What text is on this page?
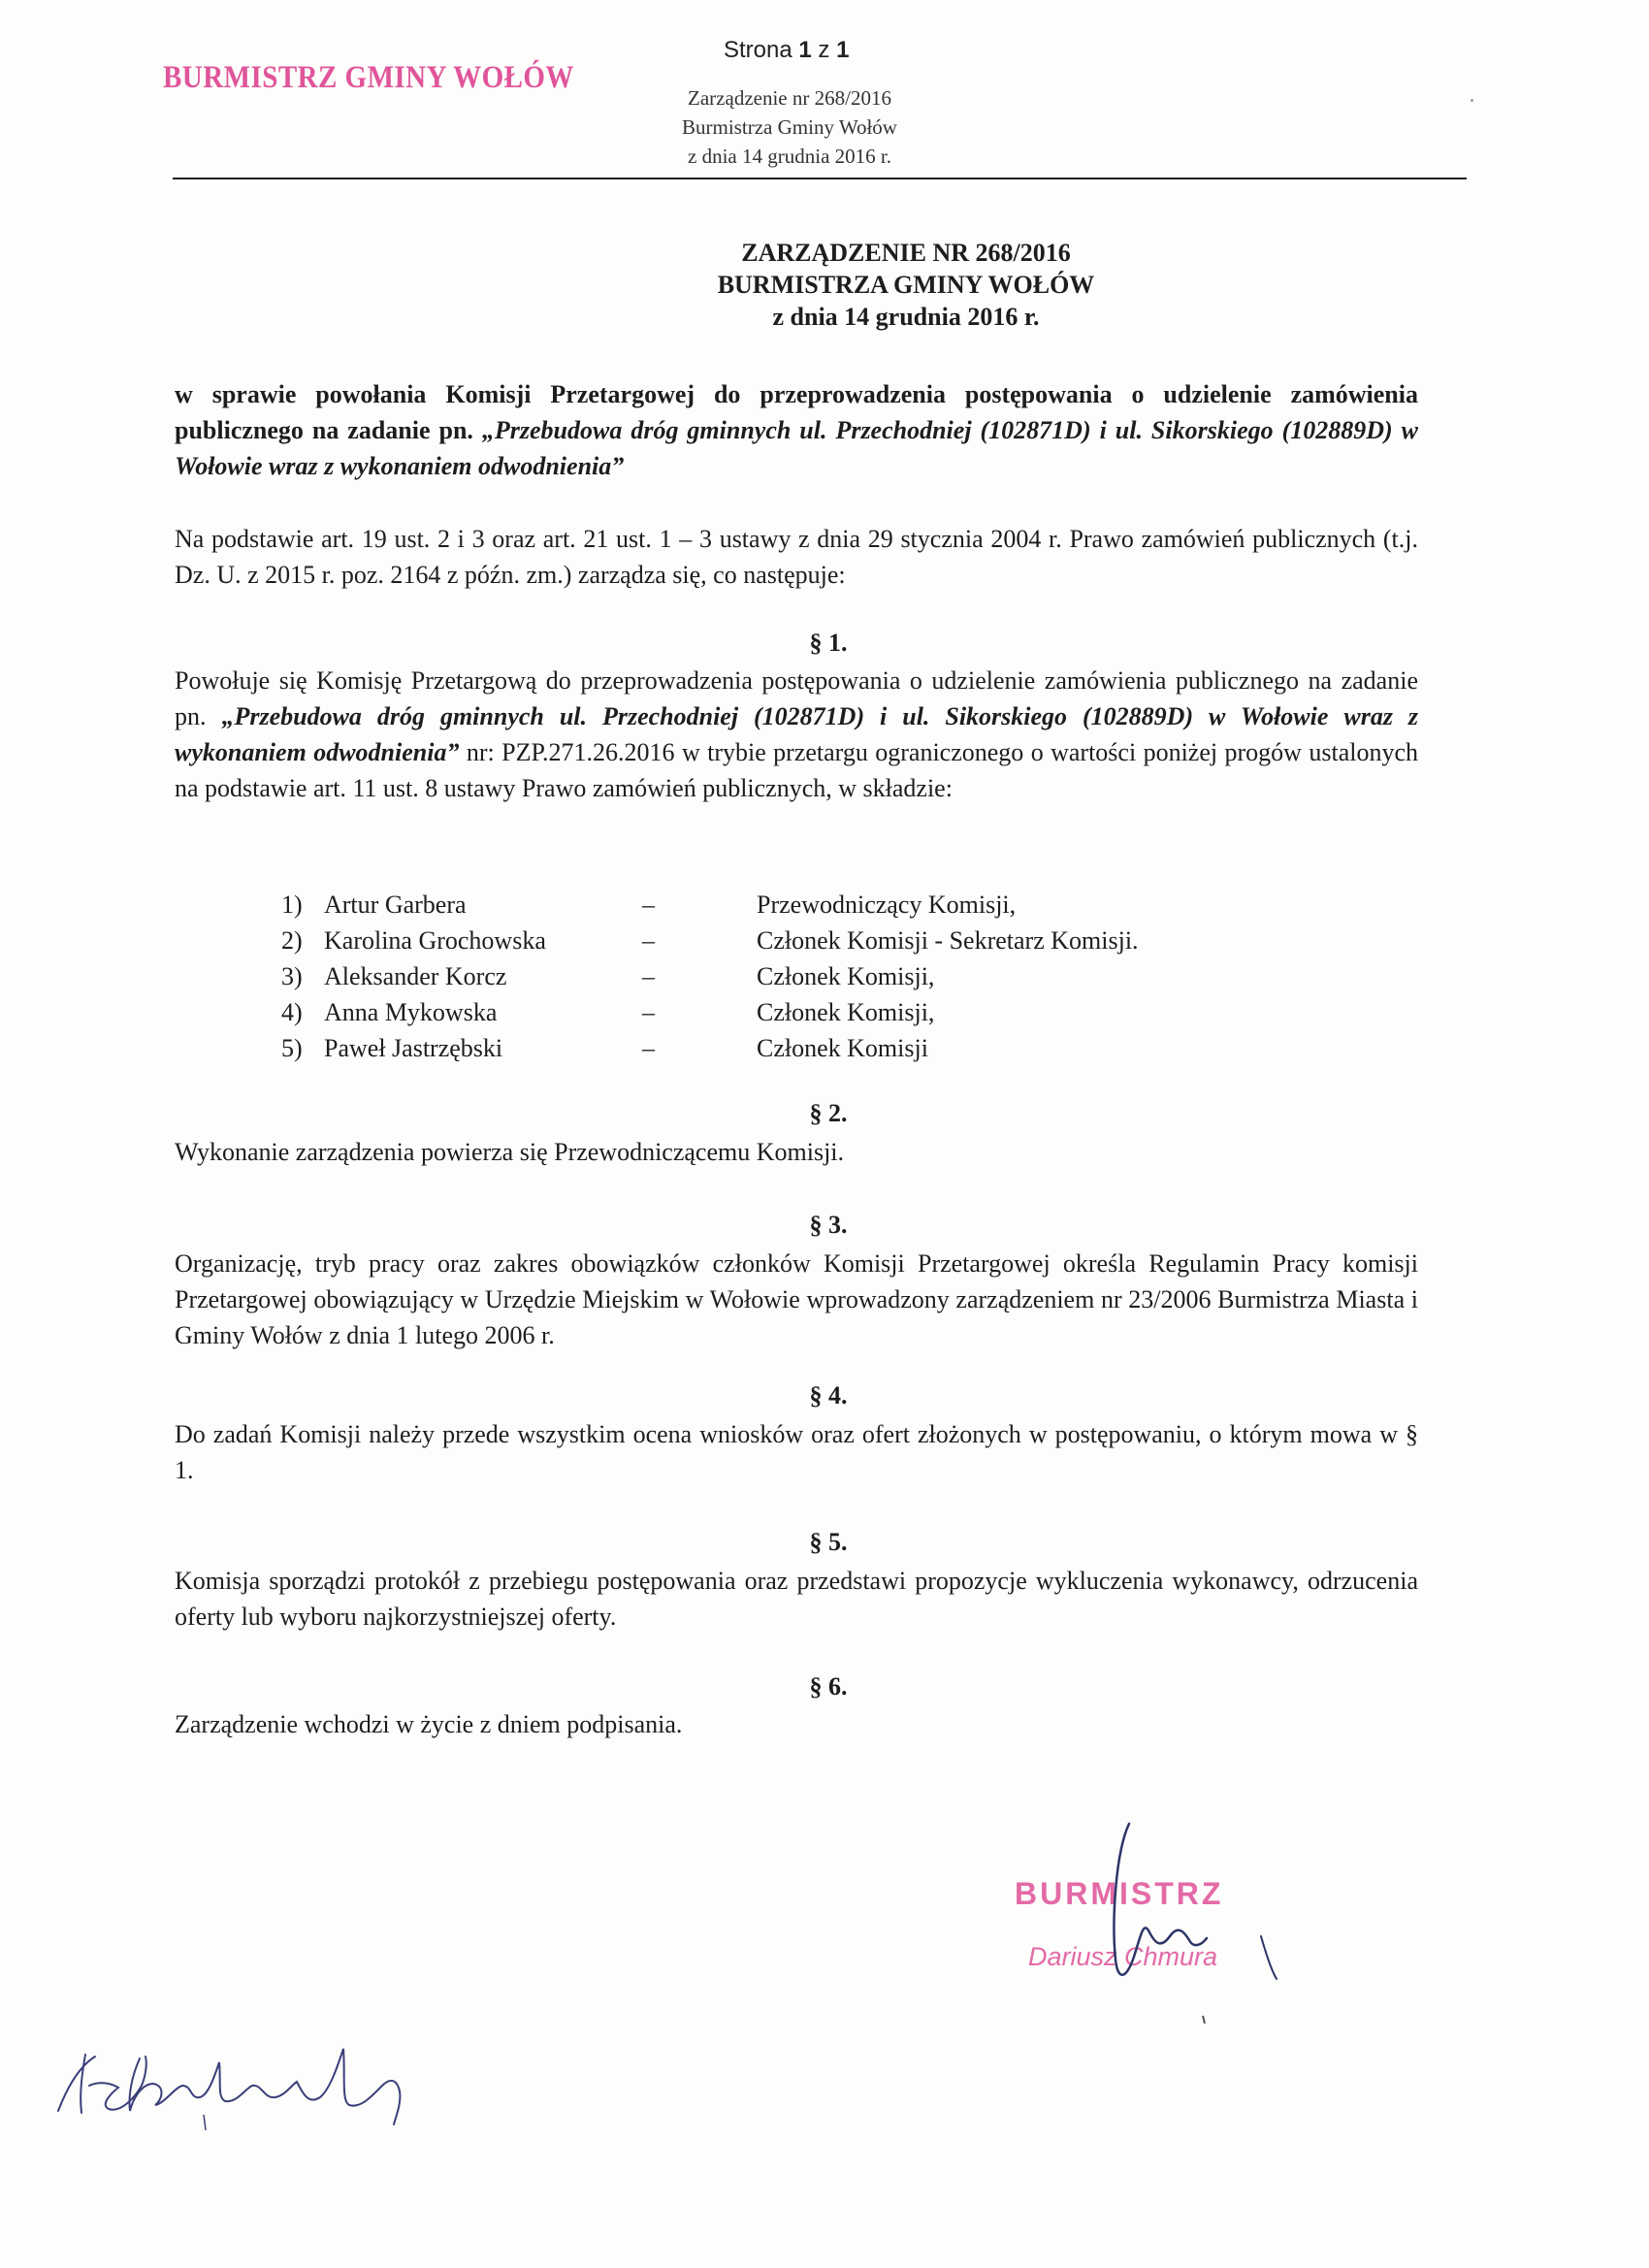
BURMISTRZ GMINY WOŁÓW
Strona 1 z 1
Zarządzenie nr 268/2016
Burmistrza Gminy Wołów
z dnia 14 grudnia 2016 r.
ZARZĄDZENIE NR 268/2016
BURMISTRZA GMINY WOŁÓW
z dnia 14 grudnia 2016 r.
w sprawie powołania Komisji Przetargowej do przeprowadzenia postępowania o udzielenie zamówienia publicznego na zadanie pn. „Przebudowa dróg gminnych ul. Przechodniej (102871D) i ul. Sikorskiego (102889D) w Wołowie wraz z wykonaniem odwodnienia”
Na podstawie art. 19 ust. 2 i 3 oraz art. 21 ust. 1 – 3 ustawy z dnia 29 stycznia 2004 r. Prawo zamówień publicznych (t.j. Dz. U. z 2015 r. poz. 2164 z późn. zm.) zarządza się, co następuje:
§ 1.
Powołuje się Komisję Przetargową do przeprowadzenia postępowania o udzielenie zamówienia publicznego na zadanie pn. „Przebudowa dróg gminnych ul. Przechodniej (102871D) i ul. Sikorskiego (102889D) w Wołowie wraz z wykonaniem odwodnienia” nr: PZP.271.26.2016 w trybie przetargu ograniczonego o wartości poniżej progów ustalonych na podstawie art. 11 ust. 8 ustawy Prawo zamówień publicznych, w składzie:
1) Artur Garbera	–	Przewodniczący Komisji,
2) Karolina Grochowska	–	Członek Komisji - Sekretarz Komisji.
3) Aleksander Korcz	–	Członek Komisji,
4) Anna Mykowska	–	Członek Komisji,
5) Paweł Jastrzębski	–	Członek Komisji
§ 2.
Wykonanie zarządzenia powierza się Przewodniczącemu Komisji.
§ 3.
Organizację, tryb pracy oraz zakres obowiązków członków Komisji Przetargowej określa Regulamin Pracy komisji Przetargowej obowiązujący w Urzędzie Miejskim w Wołowie wprowadzony zarządzeniem nr 23/2006 Burmistrza Miasta i Gminy Wołów z dnia 1 lutego 2006 r.
§ 4.
Do zadań Komisji należy przede wszystkim ocena wniosków oraz ofert złożonych w postępowaniu, o którym mowa w § 1.
§ 5.
Komisja sporządzi protokół z przebiegu postępowania oraz przedstawi propozycje wykluczenia wykonawcy, odrzucenia oferty lub wyboru najkorzystniejszej oferty.
§ 6.
Zarządzenie wchodzi w życie z dniem podpisania.
BURMISTRZ
Dariusz Chmura
